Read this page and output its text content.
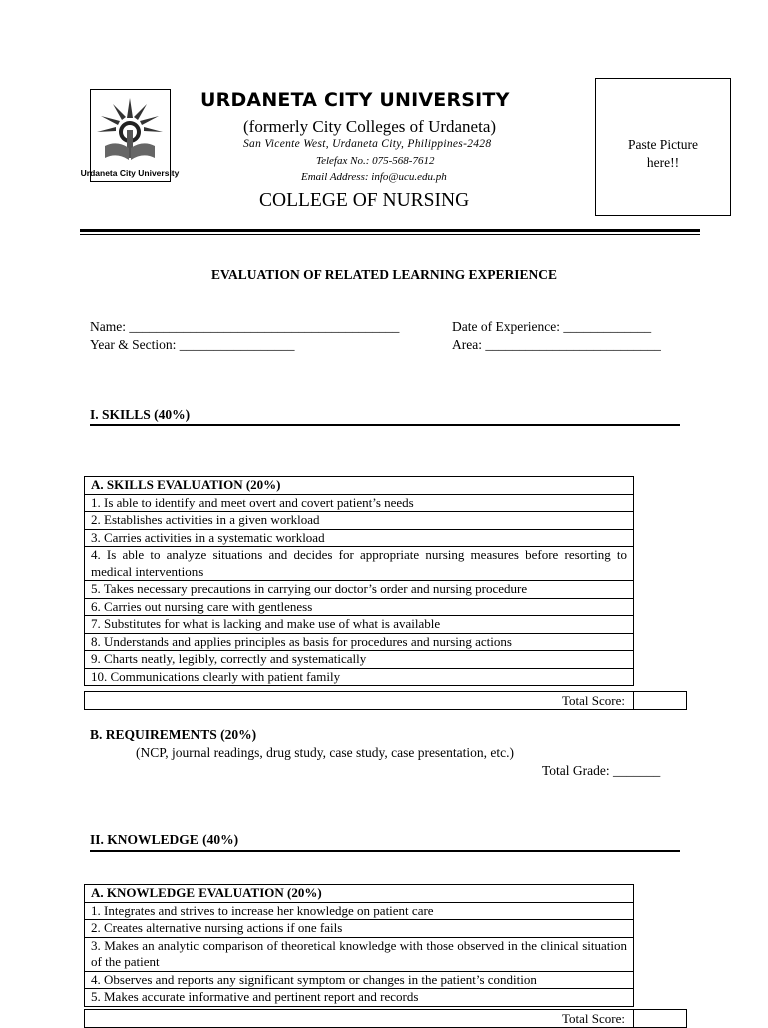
Urdaneta City University
URDANETA CITY UNIVERSITY
(formerly City Colleges of Urdaneta)
San Vicente West, Urdaneta City, Philippines-2428
Telefax No.: 075-568-7612
Email Address: info@ucu.edu.ph
COLLEGE OF NURSING
Paste Picture
here!!
EVALUATION OF RELATED LEARNING EXPERIENCE
Name: ________________________________________	Date of Experience: _____________
Year & Section: _________________	Area: __________________________
I. SKILLS (40%)
A. SKILLS EVALUATION (20%)
1. Is able to identify and meet overt and covert patient’s needs
2. Establishes activities in a given workload
3. Carries activities in a systematic workload
4. Is able to analyze situations and decides for appropriate nursing measures before resorting to medical interventions
5. Takes necessary precautions in carrying our doctor’s order and nursing procedure
6. Carries out nursing care with gentleness
7. Substitutes for what is lacking and make use of what is available
8. Understands and applies principles as basis for procedures and nursing actions
9. Charts neatly, legibly, correctly and systematically
10. Communications clearly with patient family
Total Score:
B. REQUIREMENTS (20%)
(NCP, journal readings, drug study, case study, case presentation, etc.)
Total Grade: _______
II. KNOWLEDGE (40%)
A. KNOWLEDGE EVALUATION (20%)
1. Integrates and strives to increase her knowledge on patient care
2. Creates alternative nursing actions if one fails
3. Makes an analytic comparison of theoretical knowledge with those observed in the clinical situation of the patient
4. Observes and reports any significant symptom or changes in the patient’s condition
5. Makes accurate informative and pertinent report and records
Total Score:
